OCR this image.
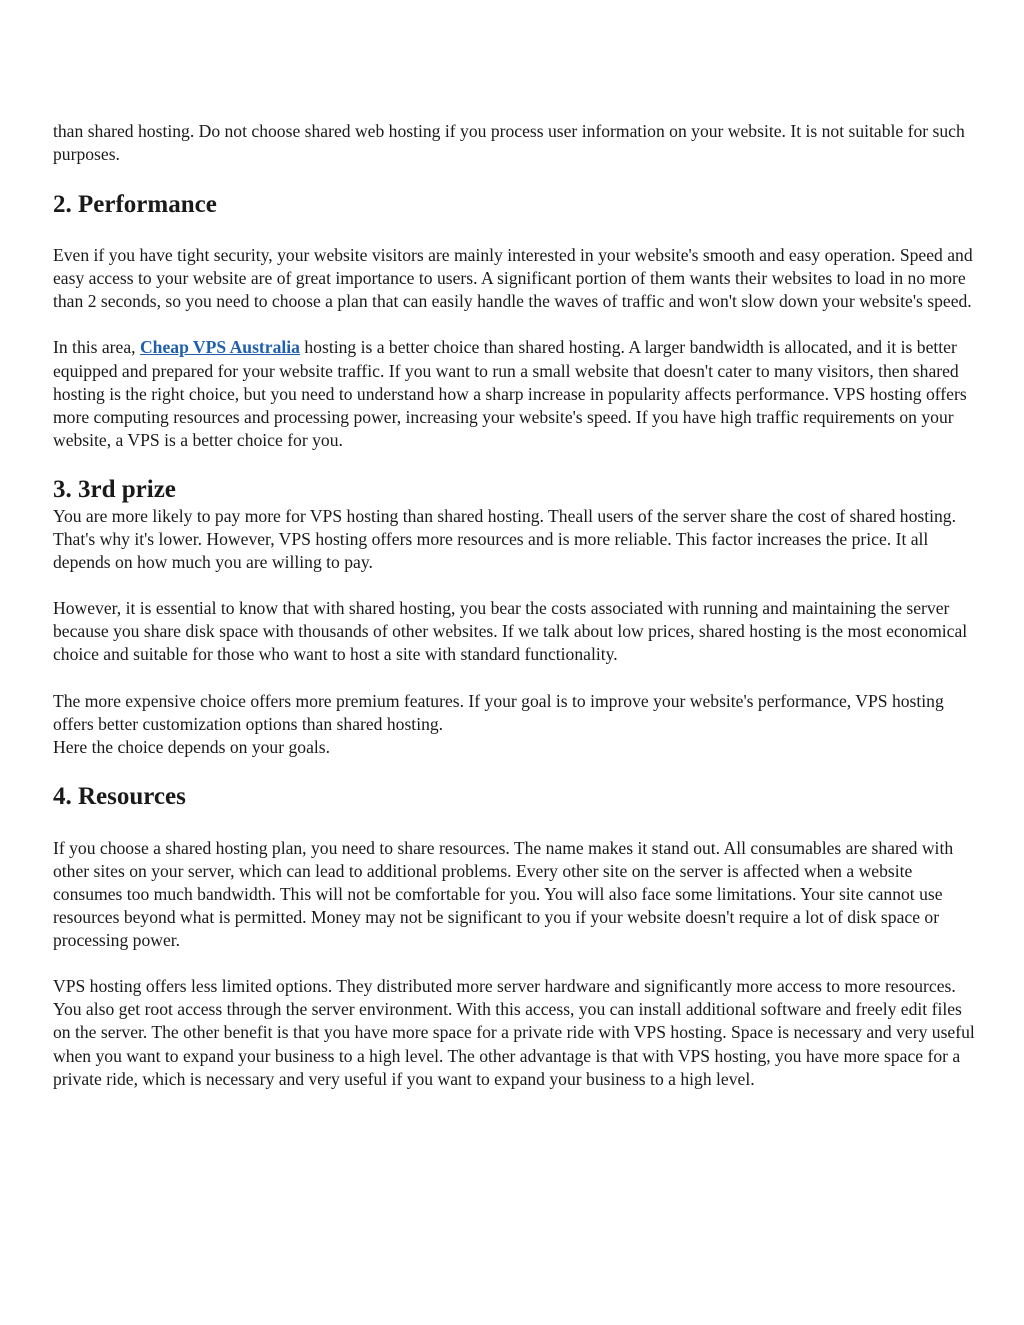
than shared hosting. Do not choose shared web hosting if you process user information on your website. It is not suitable for such purposes.

2. Performance

Even if you have tight security, your website visitors are mainly interested in your website's smooth and easy operation. Speed and easy access to your website are of great importance to users. A significant portion of them wants their websites to load in no more than 2 seconds, so you need to choose a plan that can easily handle the waves of traffic and won't slow down your website's speed.

In this area, Cheap VPS Australia hosting is a better choice than shared hosting. A larger bandwidth is allocated, and it is better equipped and prepared for your website traffic. If you want to run a small website that doesn't cater to many visitors, then shared hosting is the right choice, but you need to understand how a sharp increase in popularity affects performance. VPS hosting offers more computing resources and processing power, increasing your website's speed. If you have high traffic requirements on your website, a VPS is a better choice for you.

3. 3rd prize

You are more likely to pay more for VPS hosting than shared hosting. Theall users of the server share the cost of shared hosting. That's why it's lower. However, VPS hosting offers more resources and is more reliable. This factor increases the price. It all depends on how much you are willing to pay.

However, it is essential to know that with shared hosting, you bear the costs associated with running and maintaining the server because you share disk space with thousands of other websites. If we talk about low prices, shared hosting is the most economical choice and suitable for those who want to host a site with standard functionality.

The more expensive choice offers more premium features. If your goal is to improve your website's performance, VPS hosting offers better customization options than shared hosting.

Here the choice depends on your goals.

4. Resources

If you choose a shared hosting plan, you need to share resources. The name makes it stand out. All consumables are shared with other sites on your server, which can lead to additional problems. Every other site on the server is affected when a website consumes too much bandwidth. This will not be comfortable for you. You will also face some limitations. Your site cannot use resources beyond what is permitted. Money may not be significant to you if your website doesn't require a lot of disk space or processing power.

VPS hosting offers less limited options. They distributed more server hardware and significantly more access to more resources. You also get root access through the server environment. With this access, you can install additional software and freely edit files on the server. The other benefit is that you have more space for a private ride with VPS hosting. Space is necessary and very useful when you want to expand your business to a high level. The other advantage is that with VPS hosting, you have more space for a private ride, which is necessary and very useful if you want to expand your business to a high level.
